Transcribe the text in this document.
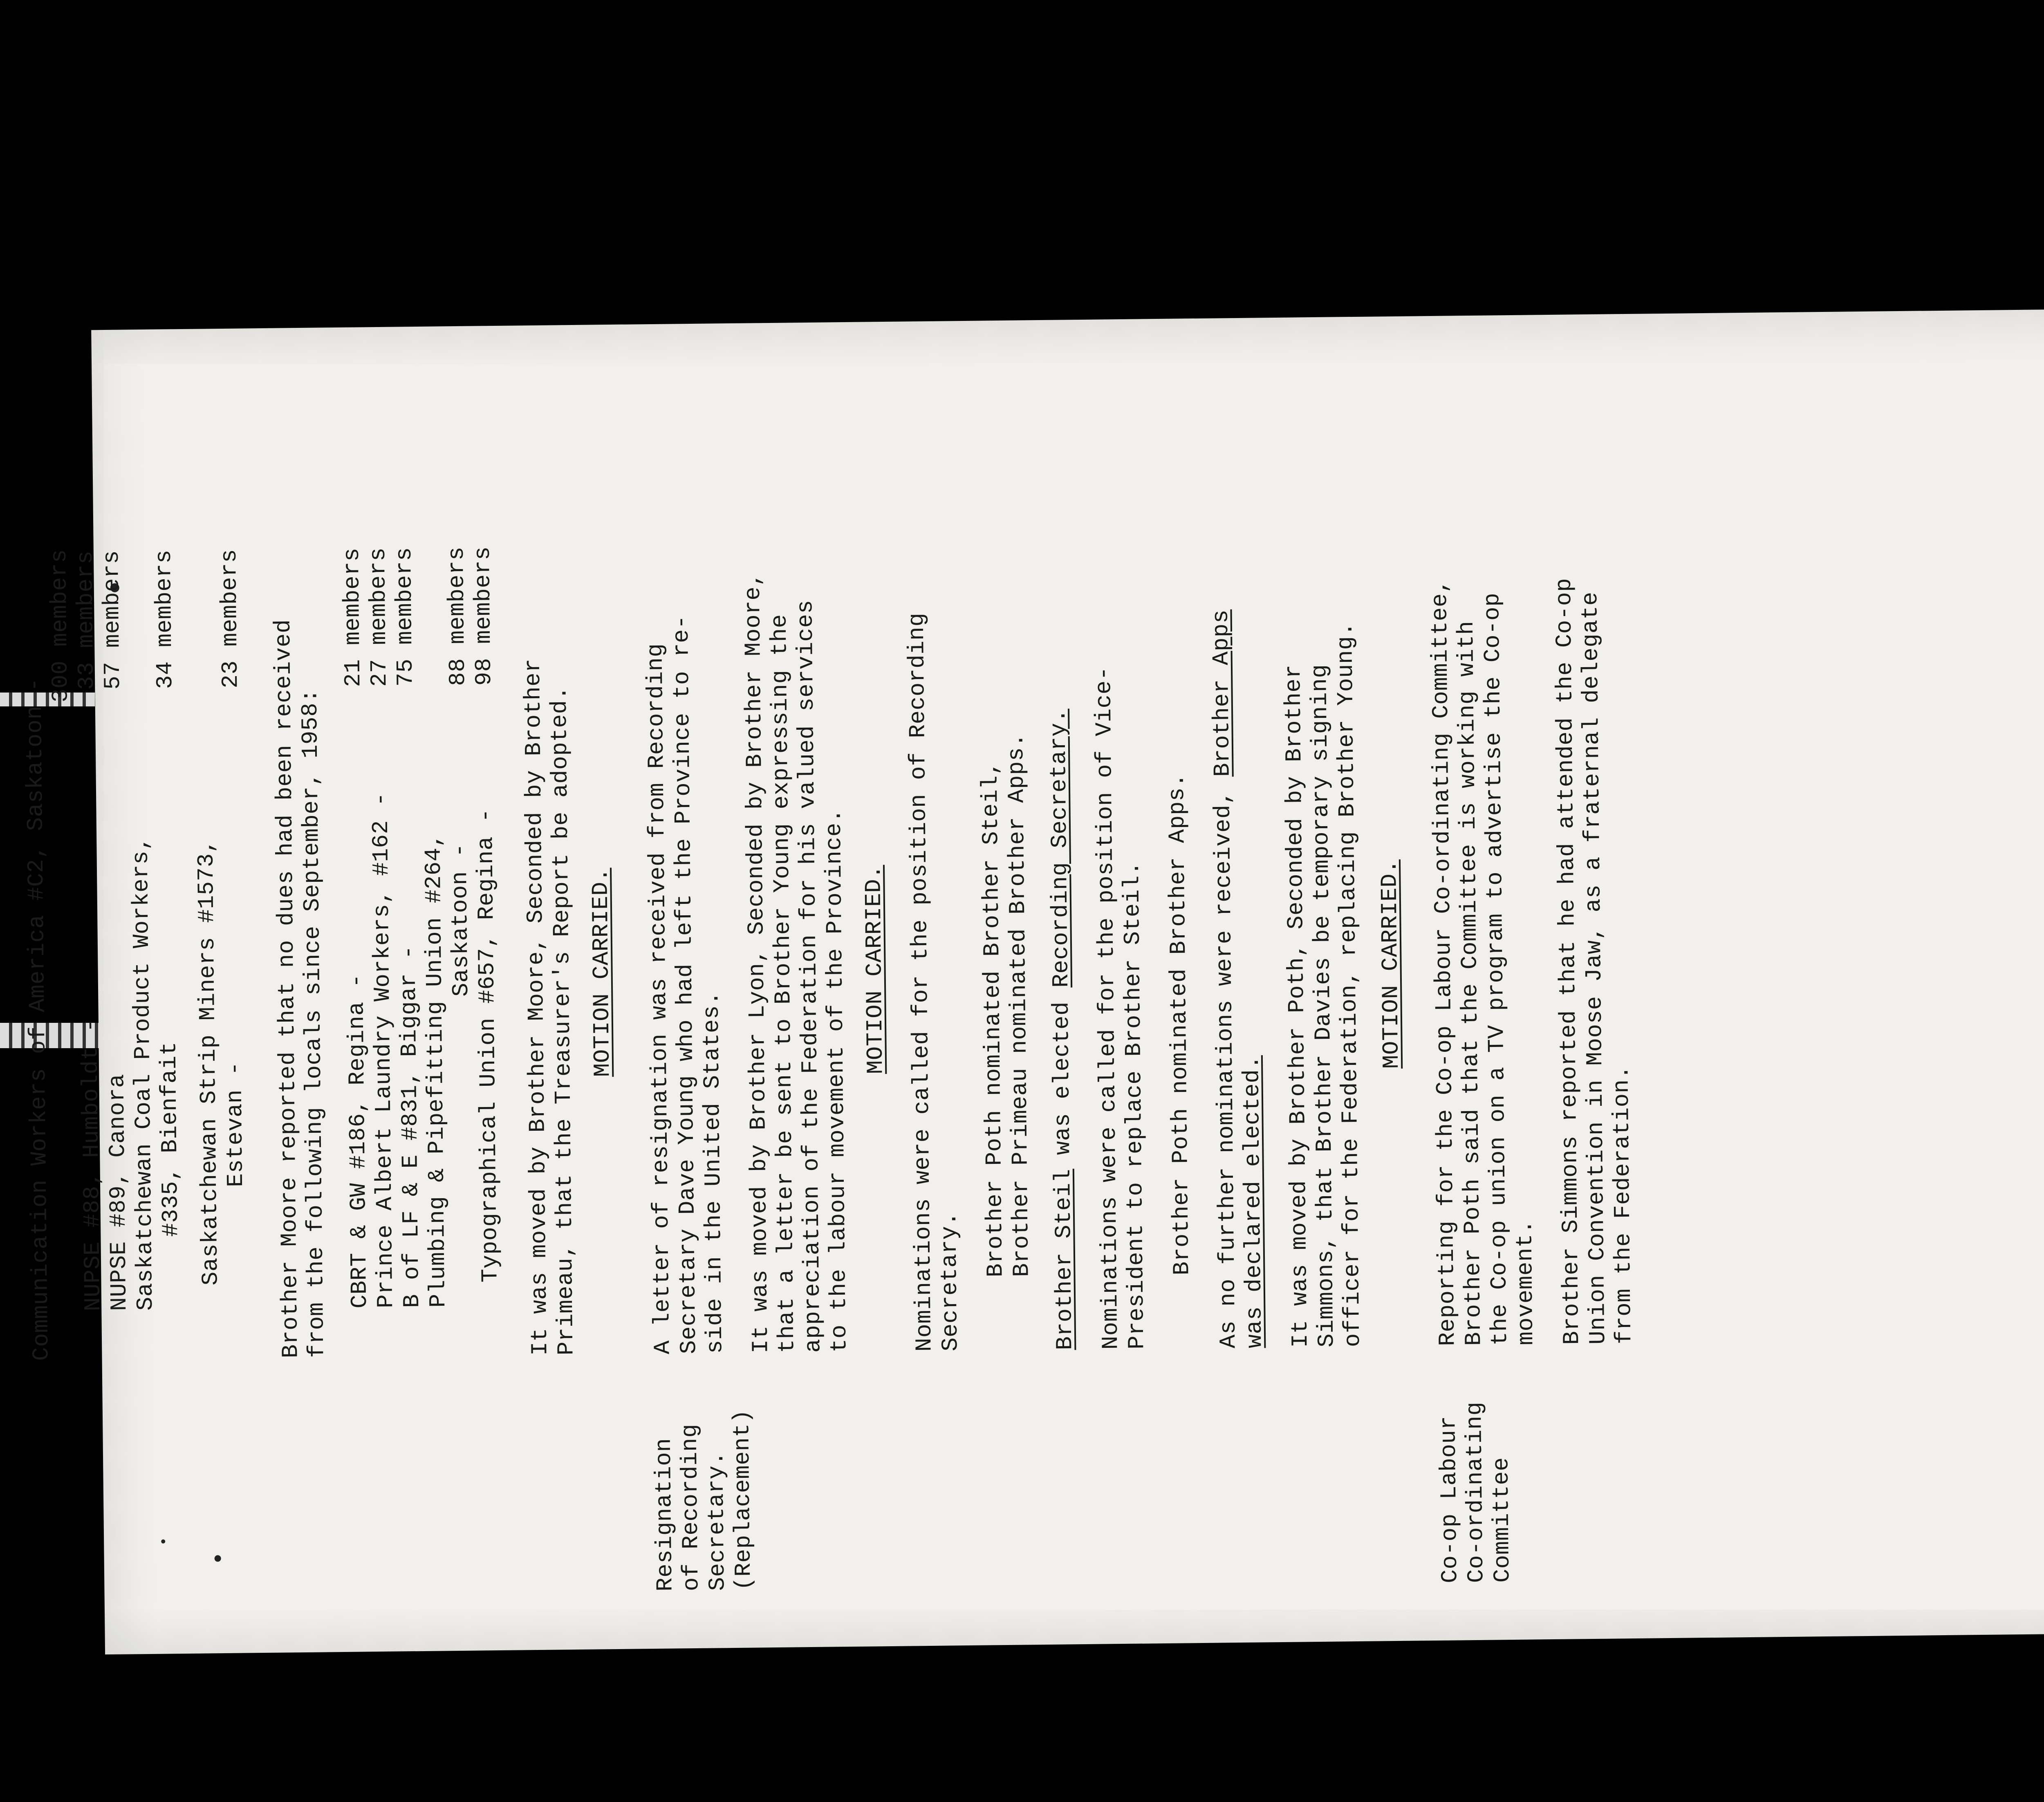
Communication Workers of America #C2, Saskatoon -
300 members
NUPSE #88, Humboldt -
33 members
NUPSE #89, Canora
57 members
Saskatchewan Coal Product Workers,
#335, Bienfait
34 members
Saskatchewan Strip Miners #1573,
Estevan -
23 members
Brother Moore reported that no dues had been received
from the following locals since September, 1958: CBRT & GW #186, Regina -
21 members
Prince Albert Laundry Workers, #162 -
27 members
B of LF & E #831, Biggar -
75 members
Plumbing & Pipefitting Union #264,
Saskatoon -
88 members
Typographical Union #657, Regina -
98 members
It was moved by Brother Moore, Seconded by Brother
Primeau, that the Treasurer's Report be adopted. MOTION CARRIED.
Resignation
of Recording
Secretary.
(Replacement)
A letter of resignation was received from Recording
Secretary Dave Young who had left the Province to re-
side in the United States. It was moved by Brother Lyon, Seconded by Brother Moore,
that a letter be sent to Brother Young expressing the
appreciation of the Federation for his valued services
to the labour movement of the Province. MOTION CARRIED. Nominations were called for the position of Recording
Secretary.
Brother Poth nominated Brother Steil,
Brother Primeau nominated Brother Apps. Brother Steil was elected Recording Secretary. Nominations were called for the position of Vice-
President to replace Brother Steil. Brother Poth nominated Brother Apps. As no further nominations were received, Brother Apps
was declared elected. It was moved by Brother Poth, Seconded by Brother
Simmons, that Brother Davies be temporary signing
officer for the Federation, replacing Brother Young. MOTION CARRIED.
Co-op Labour
Co-ordinating
Committee
Reporting for the Co-op Labour Co-ordinating Committee,
Brother Poth said that the Committee is working with
the Co-op union on a TV program to advertise the Co-op
movement. Brother Simmons reported that he had attended the Co-op
Union Convention in Moose Jaw, as a fraternal delegate
from the Federation.
